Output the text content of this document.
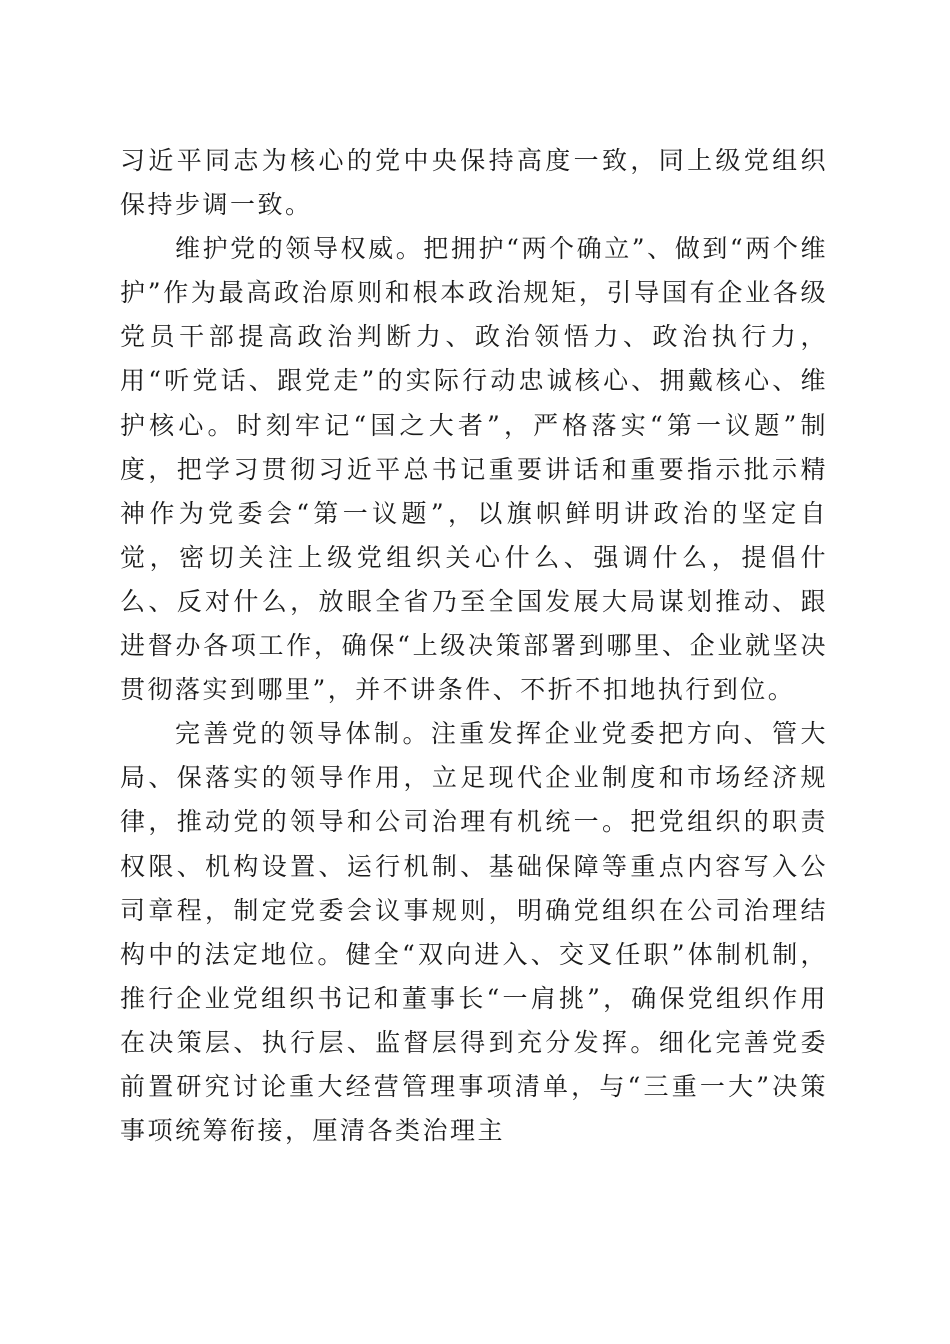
习近平同志为核心的党中央保持高度一致，同上级党组织保持步调一致。

维护党的领导权威。把拥护“两个确立”、做到“两个维护”作为最高政治原则和根本政治规矩，引导国有企业各级党员干部提高政治判断力、政治领悟力、政治执行力，用“听党话、跟党走”的实际行动忠诚核心、拥戴核心、维护核心。时刻牢记“国之大者”，严格落实“第一议题”制度，把学习贯彻习近平总书记重要讲话和重要指示批示精神作为党委会“第一议题”，以旗帜鲜明讲政治的坚定自觉，密切关注上级党组织关心什么、强调什么，提倡什么、反对什么，放眼全省乃至全国发展大局谋划推动、跟进督办各项工作，确保“上级决策部署到哪里、企业就坚决贯彻落实到哪里”，并不讲条件、不折不扣地执行到位。

完善党的领导体制。注重发挥企业党委把方向、管大局、保落实的领导作用，立足现代企业制度和市场经济规律，推动党的领导和公司治理有机统一。把党组织的职责权限、机构设置、运行机制、基础保障等重点内容写入公司章程，制定党委会议事规则，明确党组织在公司治理结构中的法定地位。健全“双向进入、交叉任职”体制机制，推行企业党组织书记和董事长“一肩挑”，确保党组织作用在决策层、执行层、监督层得到充分发挥。细化完善党委前置研究讨论重大经营管理事项清单，与“三重一大”决策事项统筹衔接，厘清各类治理主
